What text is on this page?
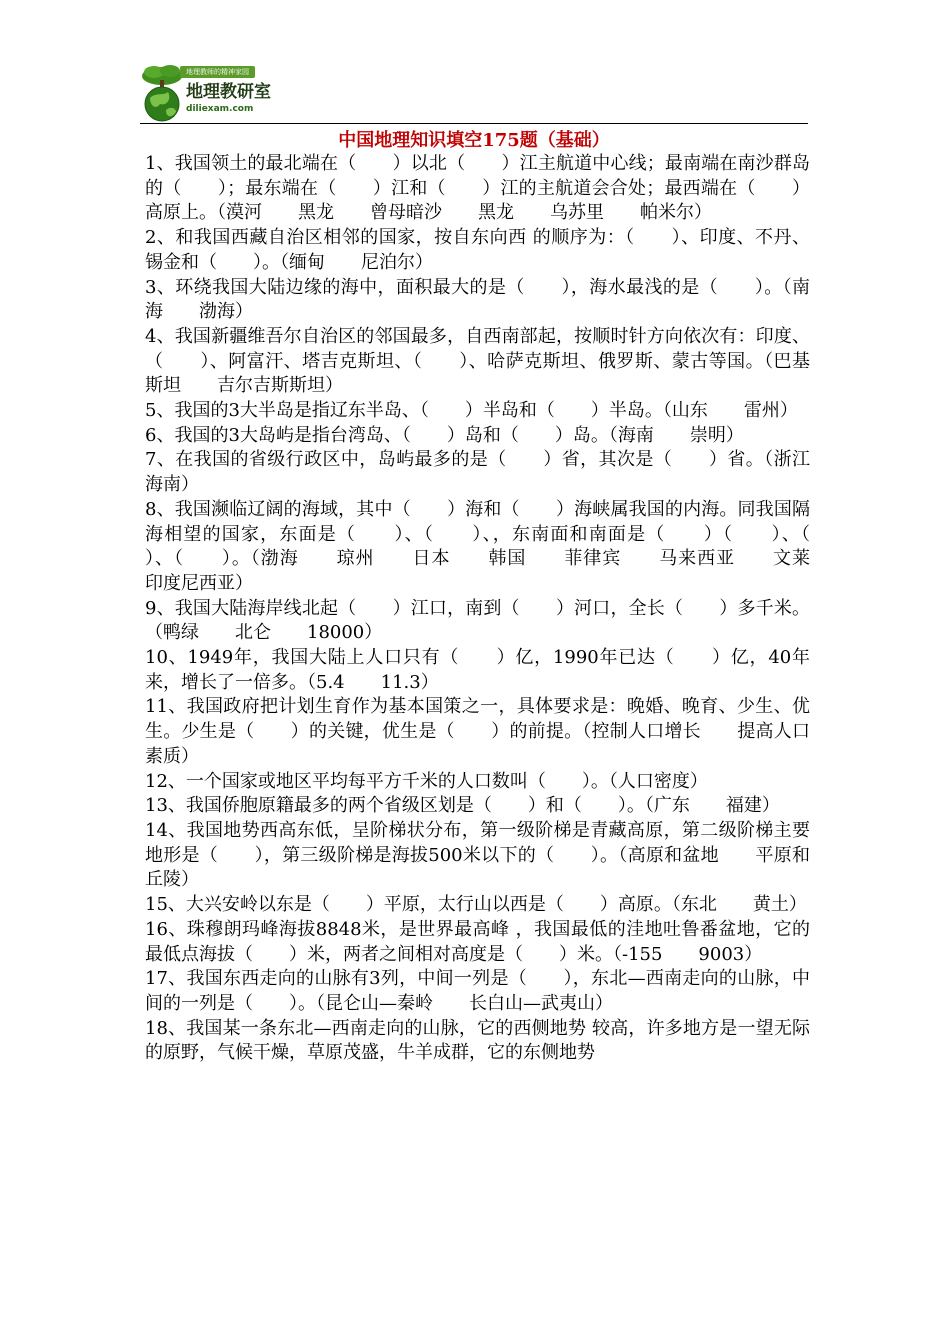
地理教师的精神家园
地理教研室
diliexam.com
中国地理知识填空175题（基础）

1、我国领土的最北端在（　　）以北（　　）江主航道中心线；最南端在南沙群岛的（　　）；最东端在（　　）江和（　　）江的主航道会合处；最西端在（　　）高原上。（漠河　　黑龙　　曾母暗沙　　黑龙　　乌苏里　　帕米尔）

2、和我国西藏自治区相邻的国家，按自东向西 的顺序为：（　　）、印度、不丹、锡金和（　　）。（缅甸　　尼泊尔）

3、环绕我国大陆边缘的海中，面积最大的是（　　），海水最浅的是（　　）。（南海　　渤海）

4、我国新疆维吾尔自治区的邻国最多，自西南部起，按顺时针方向依次有：印度、（　　）、阿富汗、塔吉克斯坦、（　　）、哈萨克斯坦、俄罗斯、蒙古等国。（巴基斯坦　　吉尔吉斯斯坦）

5、我国的3大半岛是指辽东半岛、（　　）半岛和（　　）半岛。（山东　　雷州）

6、我国的3大岛屿是指台湾岛、（　　）岛和（　　）岛。（海南　　崇明）

7、在我国的省级行政区中，岛屿最多的是（　　）省，其次是（　　）省。（浙江　　海南）

8、我国濒临辽阔的海域，其中（　　）海和（　　）海峡属我国的内海。同我国隔海相望的国家，东面是（　　）、（　　）、，东南面和南面是（　　）（　　）、（　　）、（　　）。（渤海　　琼州　　日本　　韩国　　菲律宾　　马来西亚　　文莱　　印度尼西亚）

9、我国大陆海岸线北起（　　）江口，南到（　　）河口，全长（　　）多千米。（鸭绿　　北仑　　18000）

10、1949年，我国大陆上人口只有（　　）亿，1990年已达（　　）亿，40年来，增长了一倍多。（5.4　　11.3）

11、我国政府把计划生育作为基本国策之一，具体要求是：晚婚、晚育、少生、优生。少生是（　　）的关键，优生是（　　）的前提。（控制人口增长　　提高人口素质）

12、一个国家或地区平均每平方千米的人口数叫（　　）。（人口密度）

13、我国侨胞原籍最多的两个省级区划是（　　）和（　　）。（广东　　福建）

14、我国地势西高东低，呈阶梯状分布，第一级阶梯是青藏高原，第二级阶梯主要地形是（　　），第三级阶梯是海拔500米以下的（　　）。（高原和盆地　　平原和丘陵）

15、大兴安岭以东是（　　）平原，太行山以西是（　　）高原。（东北　　黄土）

16、珠穆朗玛峰海拔8848米，是世界最高峰 ，我国最低的洼地吐鲁番盆地，它的最低点海拔（　　）米，两者之间相对高度是（　　）米。（-155　　9003）

17、我国东西走向的山脉有3列，中间一列是（　　），东北—西南走向的山脉，中间的一列是（　　）。（昆仑山—秦岭　　长白山—武夷山）

18、我国某一条东北—西南走向的山脉，它的西侧地势 较高，许多地方是一望无际的原野，气候干燥，草原茂盛，牛羊成群，它的东侧地势
